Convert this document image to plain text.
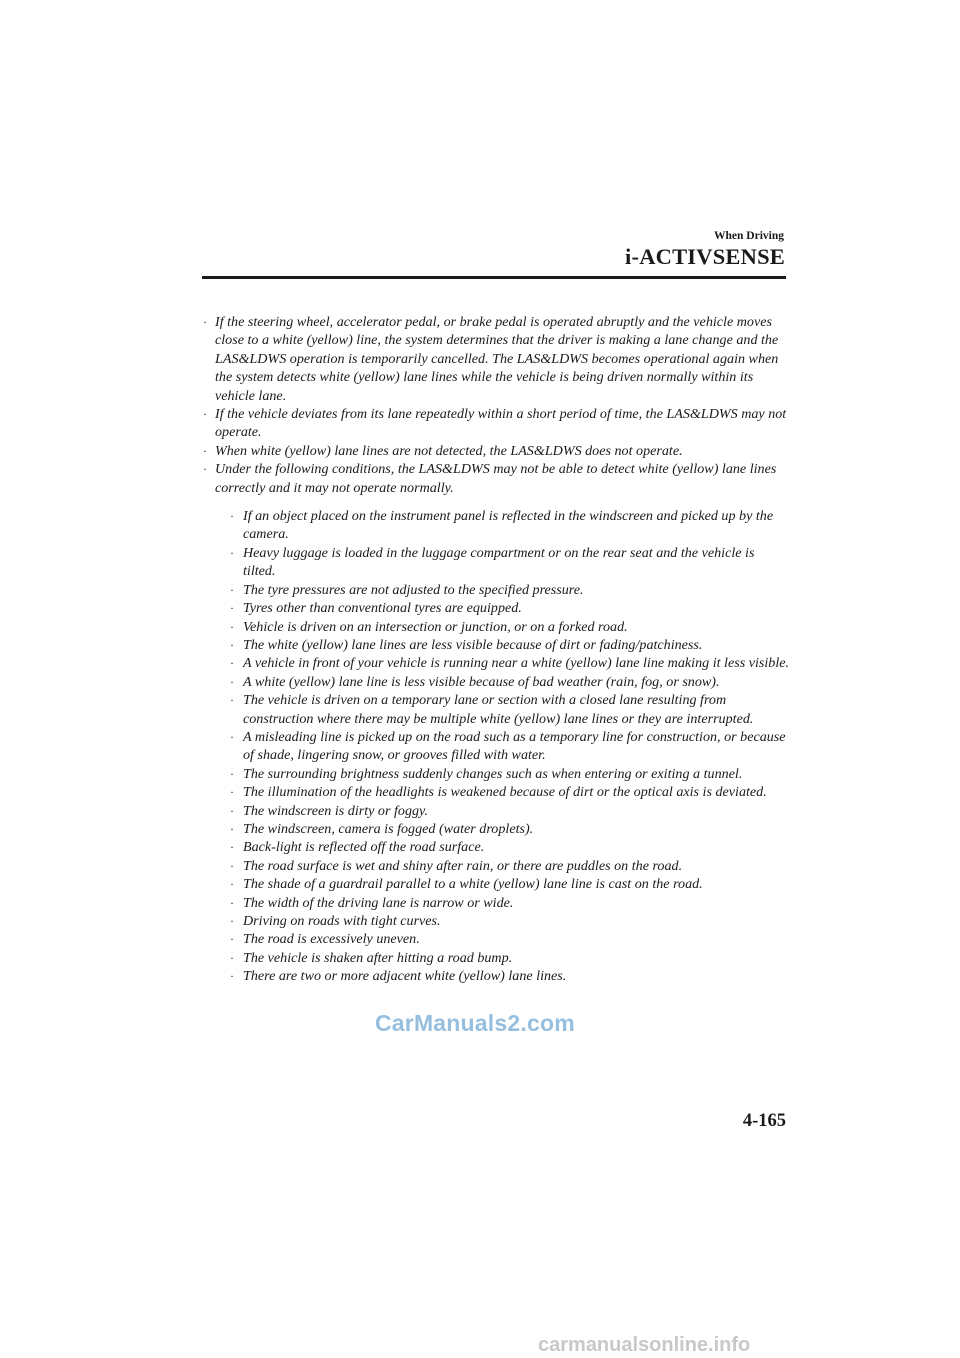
When Driving
i-ACTIVSENSE
· If the steering wheel, accelerator pedal, or brake pedal is operated abruptly and the vehicle moves close to a white (yellow) line, the system determines that the driver is making a lane change and the LAS&LDWS operation is temporarily cancelled. The LAS&LDWS becomes operational again when the system detects white (yellow) lane lines while the vehicle is being driven normally within its vehicle lane.
· If the vehicle deviates from its lane repeatedly within a short period of time, the LAS&LDWS may not operate.
· When white (yellow) lane lines are not detected, the LAS&LDWS does not operate.
· Under the following conditions, the LAS&LDWS may not be able to detect white (yellow) lane lines correctly and it may not operate normally.
· If an object placed on the instrument panel is reflected in the windscreen and picked up by the camera.
· Heavy luggage is loaded in the luggage compartment or on the rear seat and the vehicle is tilted.
· The tyre pressures are not adjusted to the specified pressure.
· Tyres other than conventional tyres are equipped.
· Vehicle is driven on an intersection or junction, or on a forked road.
· The white (yellow) lane lines are less visible because of dirt or fading/patchiness.
· A vehicle in front of your vehicle is running near a white (yellow) lane line making it less visible.
· A white (yellow) lane line is less visible because of bad weather (rain, fog, or snow).
· The vehicle is driven on a temporary lane or section with a closed lane resulting from construction where there may be multiple white (yellow) lane lines or they are interrupted.
· A misleading line is picked up on the road such as a temporary line for construction, or because of shade, lingering snow, or grooves filled with water.
· The surrounding brightness suddenly changes such as when entering or exiting a tunnel.
· The illumination of the headlights is weakened because of dirt or the optical axis is deviated.
· The windscreen is dirty or foggy.
· The windscreen, camera is fogged (water droplets).
· Back-light is reflected off the road surface.
· The road surface is wet and shiny after rain, or there are puddles on the road.
· The shade of a guardrail parallel to a white (yellow) lane line is cast on the road.
· The width of the driving lane is narrow or wide.
· Driving on roads with tight curves.
· The road is excessively uneven.
· The vehicle is shaken after hitting a road bump.
· There are two or more adjacent white (yellow) lane lines.
4-165
CarManuals2.com
carmanualsonline.info
